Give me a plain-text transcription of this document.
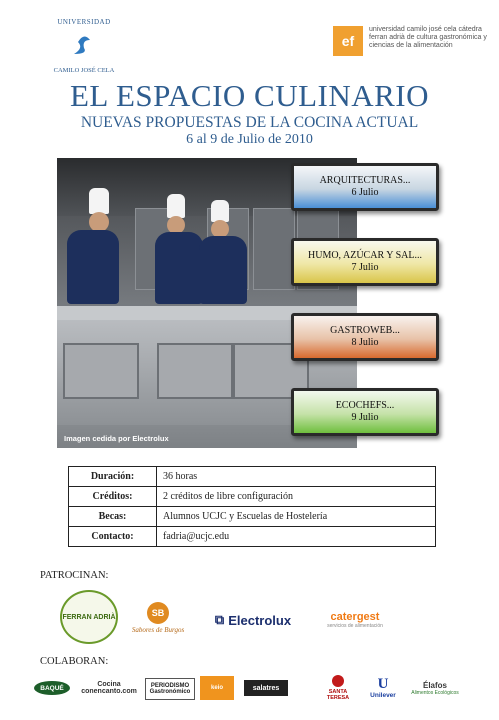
UNIVERSIDAD
CAMILO JOSÉ CELA
ef
universidad camilo josé cela cátedra ferran adrià de cultura gastronómica y ciencias de la alimentación
EL ESPACIO CULINARIO
NUEVAS PROPUESTAS DE LA COCINA ACTUAL
6 al 9 de Julio de 2010
Imagen cedida por Electrolux
ARQUITECTURAS...
6 Julio
HUMO, AZÚCAR Y SAL...
7 Julio
GASTROWEB...
8 Julio
ECOCHEFS...
9 Julio
Duración:	36 horas
Créditos:	2 créditos de libre configuración
Becas:	Alumnos UCJC y Escuelas de Hostelería
Contacto:	fadria@ucjc.edu
PATROCINAN:
FERRAN ADRIÀ	SB
Sabores de Burgos
⧉ Electrolux	catergest
servicios de alimentación
COLABORAN:
BAQUÉ	Cocina conencanto.com
PERIODISMO Gastronómico
keio	salatres
SANTA TERESA
U
Unilever
Élafos
Alimentos Ecológicos
